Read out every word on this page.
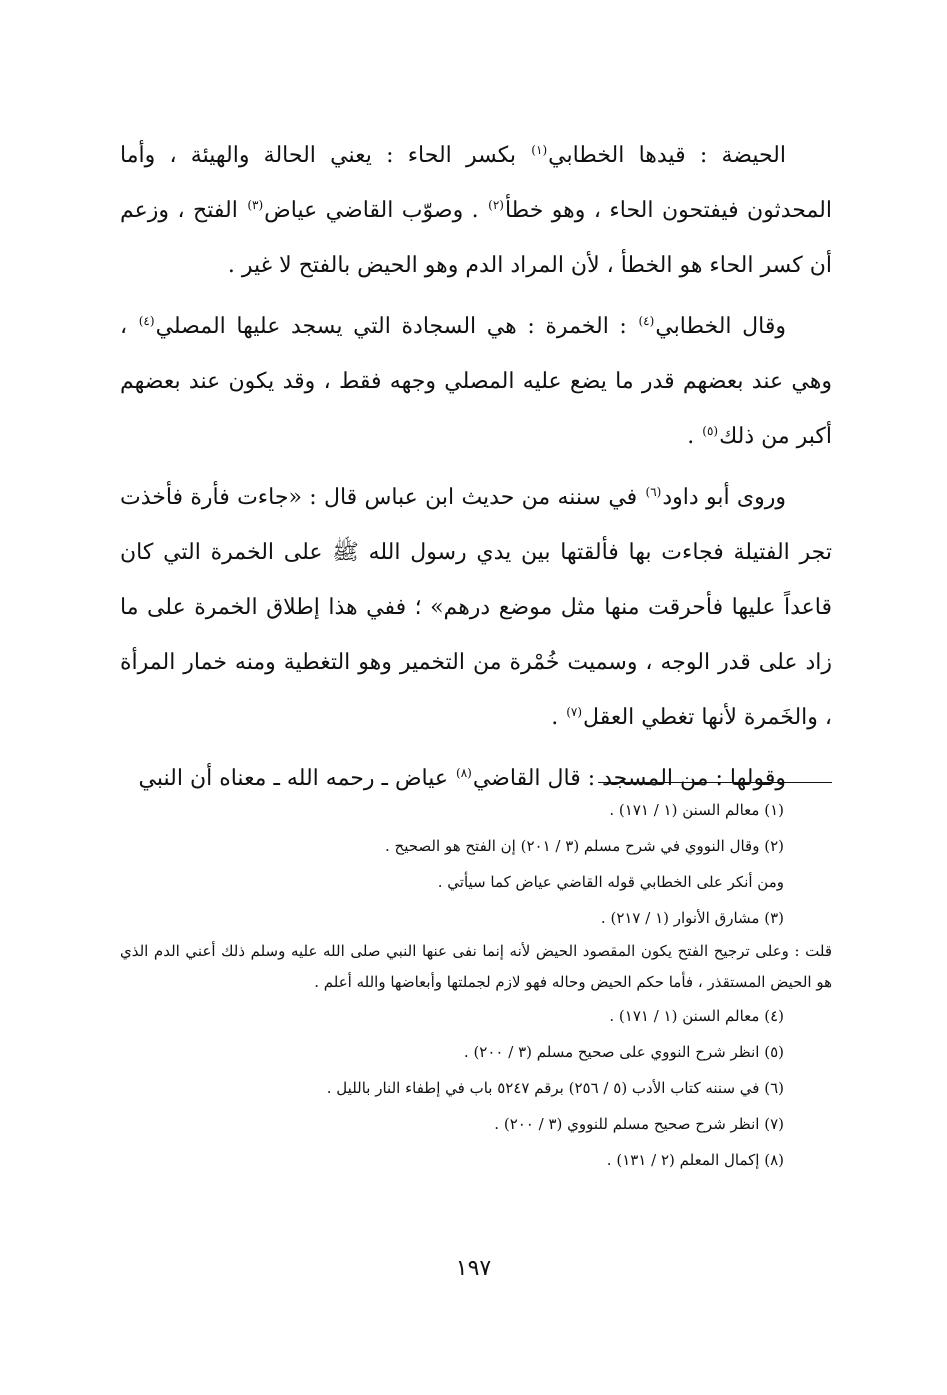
الحيضة : قيدها الخطابي$^{(١)}$ بكسر الحاء : يعني الحالة والهيئة ، وأما المحدثون فيفتحون الحاء ، وهو خطأ$^{(٢)}$ . وصوّب القاضي عياض$^{(٣)}$ الفتح ، وزعم أن كسر الحاء هو الخطأ ، لأن المراد الدم وهو الحيض بالفتح لا غير .

وقال الخطابي$^{(٤)}$ : الخمرة : هي السجادة التي يسجد عليها المصلي$^{(٤)}$ ، وهي عند بعضهم قدر ما يضع عليه المصلي وجهه فقط ، وقد يكون عند بعضهم أكبر من ذلك$^{(٥)}$ .

وروى أبو داود$^{(٦)}$ في سننه من حديث ابن عباس قال : «جاءت فأرة فأخذت تجر الفتيلة فجاءت بها فألقتها بين يدي رسول الله ﷺ على الخمرة التي كان قاعداً عليها فأحرقت منها مثل موضع درهم» ؛ ففي هذا إطلاق الخمرة على ما زاد على قدر الوجه ، وسميت خُمْرة من التخمير وهو التغطية ومنه خمار المرأة ، والخَمرة لأنها تغطي العقل$^{(٧)}$ .

وقولها : من المسجد : قال القاضي$^{(٨)}$ عياض ـ رحمه الله ـ معناه أن النبي

(١) معالم السنن (١ / ١٧١) .

(٢) وقال النووي في شرح مسلم (٣ / ٢٠١) إن الفتح هو الصحيح .

ومن أنكر على الخطابي قوله القاضي عياض كما سيأتي .

(٣) مشارق الأنوار (١ / ٢١٧) .

قلت : وعلى ترجيح الفتح يكون المقصود الحيض لأنه إنما نفى عنها النبي صلى الله عليه وسلم ذلك أعني الدم الذي هو الحيض المستقذر ، فأما حكم الحيض وحاله فهو لازم لجملتها وأبعاضها والله أعلم .

(٤) معالم السنن (١ / ١٧١) .

(٥) انظر شرح النووي على صحيح مسلم (٣ / ٢٠٠) .

(٦) في سننه كتاب الأدب (٥ / ٢٥٦) برقم ٥٢٤٧ باب في إطفاء النار بالليل .

(٧) انظر شرح صحيح مسلم للنووي (٣ / ٢٠٠) .

(٨) إكمال المعلم (٢ / ١٣١) .

١٩٧
